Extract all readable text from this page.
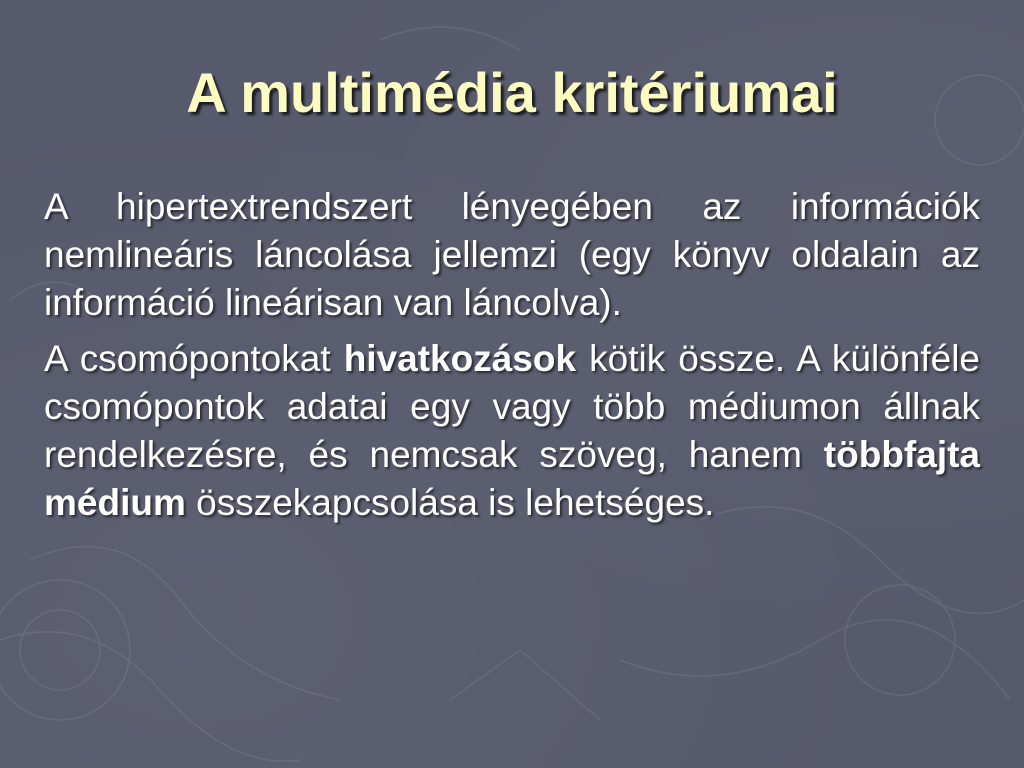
A multimédia kritériumai

A hipertextrendszert lényegében az információk nemlineáris láncolása jellemzi (egy könyv oldalain az információ lineárisan van láncolva).

A csomópontokat hivatkozások kötik össze. A különféle csomópontok adatai egy vagy több médiumon állnak rendelkezésre, és nemcsak szöveg, hanem többfajta médium összekapcsolása is lehetséges.
